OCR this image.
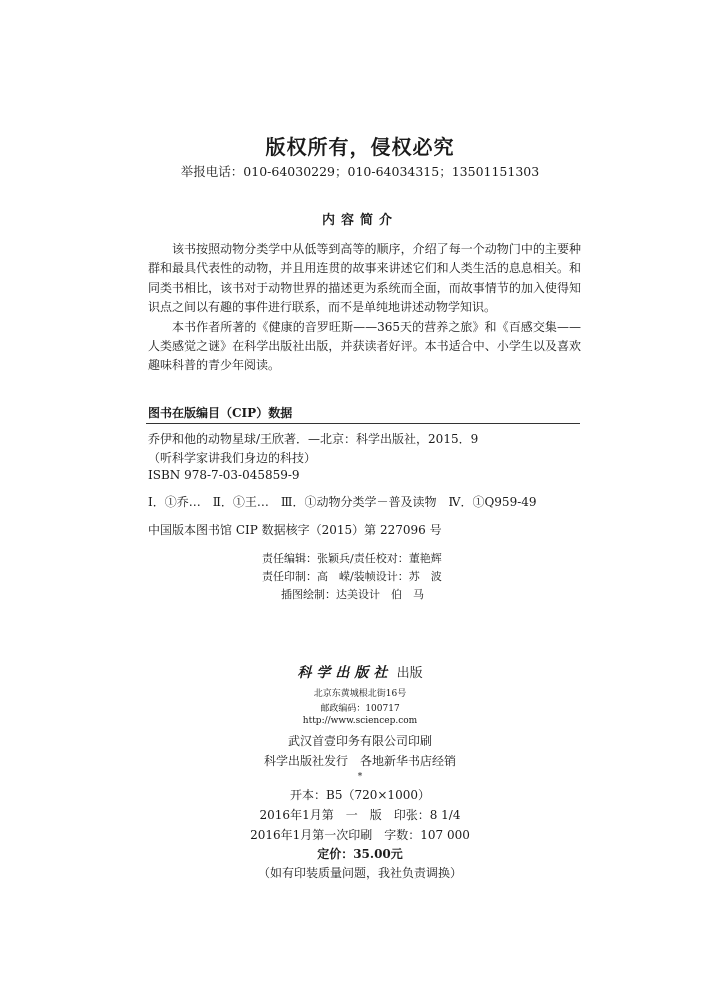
版权所有，侵权必究
举报电话：010-64030229；010-64034315；13501151303
内容简介

该书按照动物分类学中从低等到高等的顺序，介绍了每一个动物门中的主要种群和最具代表性的动物，并且用连贯的故事来讲述它们和人类生活的息息相关。和同类书相比，该书对于动物世界的描述更为系统而全面，而故事情节的加入使得知识点之间以有趣的事件进行联系，而不是单纯地讲述动物学知识。

本书作者所著的《健康的音罗旺斯——365天的营养之旅》和《百感交集——人类感觉之谜》在科学出版社出版，并获读者好评。本书适合中、小学生以及喜欢趣味科普的青少年阅读。

图书在版编目（CIP）数据
乔伊和他的动物星球/王欣著．—北京：科学出版社，2015．9
（听科学家讲我们身边的科技）
ISBN 978-7-03-045859-9
Ⅰ．①乔…　Ⅱ．①王…　Ⅲ．①动物分类学－普及读物　Ⅳ．①Q959-49
中国版本图书馆 CIP 数据核字（2015）第 227096 号
责任编辑：张颖兵/责任校对：董艳辉
责任印制：高　嵘/装帧设计：苏　波
　插图绘制：达美设计　伯　马
科学出版社 出版
北京东黄城根北街16号
邮政编码：100717
http://www.sciencep.com
武汉首壹印务有限公司印刷
科学出版社发行　各地新华书店经销
*
开本：B5（720×1000）
2016年1月第　一　版　印张：8 1/4
2016年1月第一次印刷　字数：107 000
定价：35.00元
（如有印装质量问题，我社负责调换）
